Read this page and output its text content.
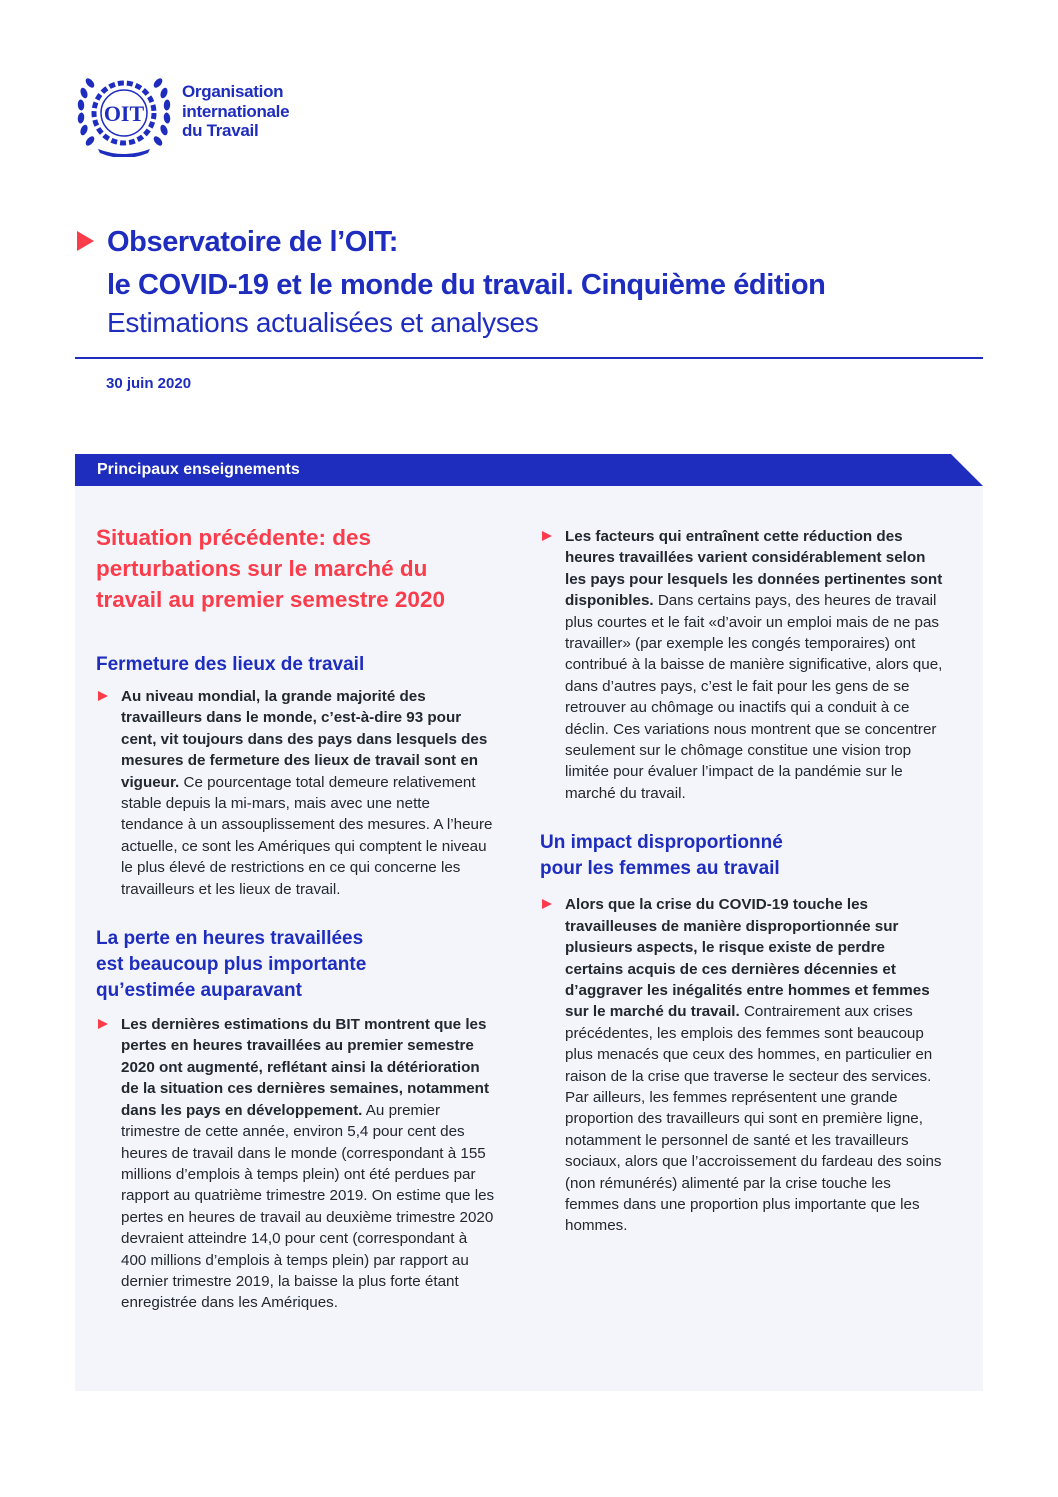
OIT
Organisation
internationale
du Travail
Observatoire de l’OIT:
le COVID-19 et le monde du travail. Cinquième édition
Estimations actualisées et analyses
30 juin 2020
Principaux enseignements
Situation précédente: des perturbations sur le marché du travail au premier semestre 2020
Fermeture des lieux de travail

Au niveau mondial, la grande majorité des travailleurs dans le monde, c’est-à-dire 93 pour cent, vit toujours dans des pays dans lesquels des mesures de fermeture des lieux de travail sont en vigueur. Ce pourcentage total demeure relativement stable depuis la mi-mars, mais avec une nette tendance à un assouplissement des mesures. A l’heure actuelle, ce sont les Amériques qui comptent le niveau le plus élevé de restrictions en ce qui concerne les travailleurs et les lieux de travail.

La perte en heures travaillées
est beaucoup plus importante
qu’estimée auparavant

Les dernières estimations du BIT montrent que les pertes en heures travaillées au premier semestre 2020 ont augmenté, reflétant ainsi la détérioration de la situation ces dernières semaines, notamment dans les pays en développement. Au premier trimestre de cette année, environ 5,4 pour cent des heures de travail dans le monde (correspondant à 155 millions d’emplois à temps plein) ont été perdues par rapport au quatrième trimestre 2019. On estime que les pertes en heures de travail au deuxième trimestre 2020 devraient atteindre 14,0 pour cent (correspondant à 400 millions d’emplois à temps plein) par rapport au dernier trimestre 2019, la baisse la plus forte étant enregistrée dans les Amériques.

Les facteurs qui entraînent cette réduction des heures travaillées varient considérablement selon les pays pour lesquels les données pertinentes sont disponibles. Dans certains pays, des heures de travail plus courtes et le fait «d’avoir un emploi mais de ne pas travailler» (par exemple les congés temporaires) ont contribué à la baisse de manière significative, alors que, dans d’autres pays, c’est le fait pour les gens de se retrouver au chômage ou inactifs qui a conduit à ce déclin. Ces variations nous montrent que se concentrer seulement sur le chômage constitue une vision trop limitée pour évaluer l’impact de la pandémie sur le marché du travail.

Un impact disproportionné
pour les femmes au travail

Alors que la crise du COVID-19 touche les travailleuses de manière disproportionnée sur plusieurs aspects, le risque existe de perdre certains acquis de ces dernières décennies et d’aggraver les inégalités entre hommes et femmes sur le marché du travail. Contrairement aux crises précédentes, les emplois des femmes sont beaucoup plus menacés que ceux des hommes, en particulier en raison de la crise que traverse le secteur des services. Par ailleurs, les femmes représentent une grande proportion des travailleurs qui sont en première ligne, notamment le personnel de santé et les travailleurs sociaux, alors que l’accroissement du fardeau des soins (non rémunérés) alimenté par la crise touche les femmes dans une proportion plus importante que les hommes.
